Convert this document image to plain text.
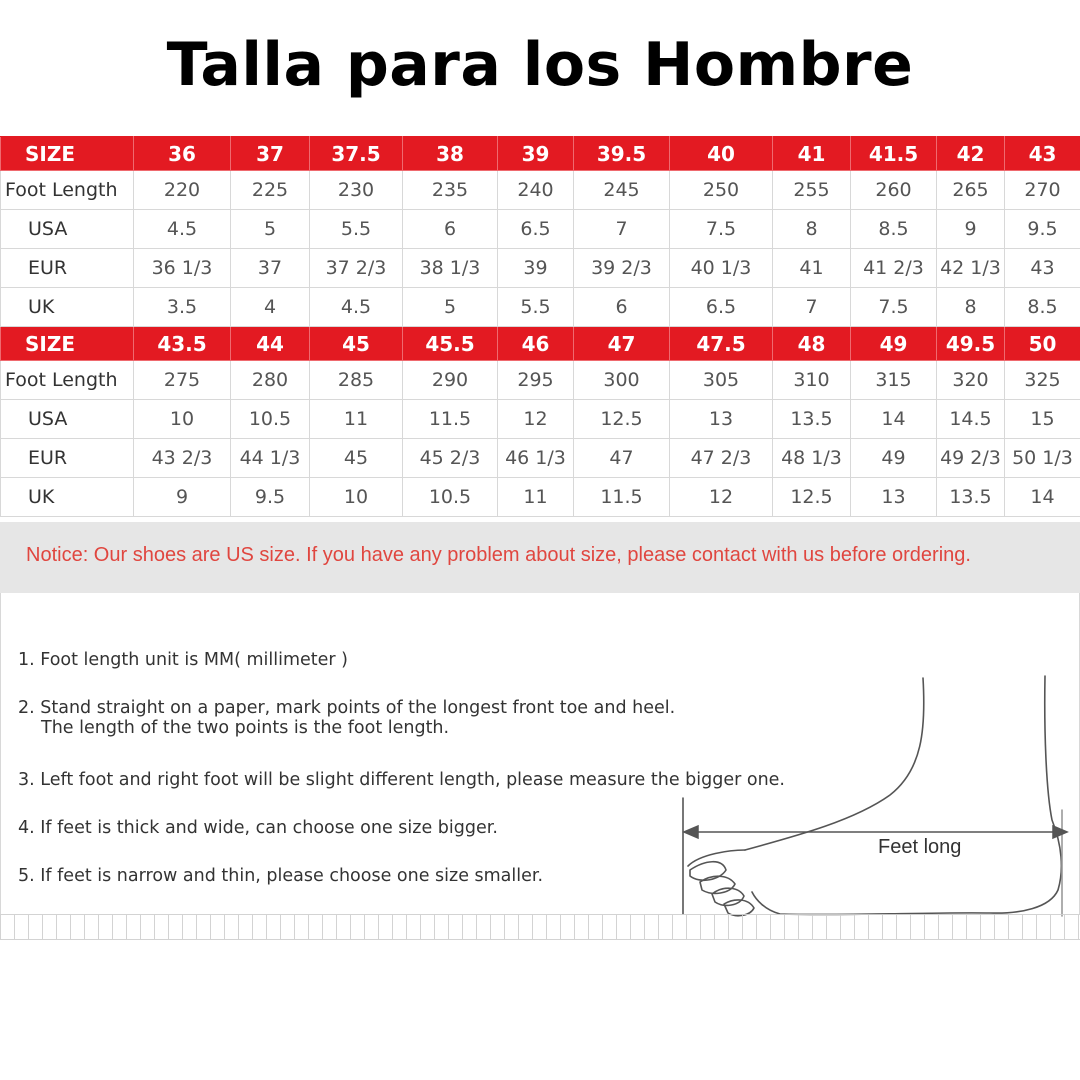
Talla para los Hombre
SIZE	36	37	37.5	38	39	39.5	40	41	41.5	42	43
Foot Length	220	225	230	235	240	245	250	255	260	265	270
USA	4.5	5	5.5	6	6.5	7	7.5	8	8.5	9	9.5
EUR	36 1/3	37	37 2/3	38 1/3	39	39 2/3	40 1/3	41	41 2/3	42 1/3	43
UK	3.5	4	4.5	5	5.5	6	6.5	7	7.5	8	8.5
SIZE	43.5	44	45	45.5	46	47	47.5	48	49	49.5	50
Foot Length	275	280	285	290	295	300	305	310	315	320	325
USA	10	10.5	11	11.5	12	12.5	13	13.5	14	14.5	15
EUR	43 2/3	44 1/3	45	45 2/3	46 1/3	47	47 2/3	48 1/3	49	49 2/3	50 1/3
UK	9	9.5	10	10.5	11	11.5	12	12.5	13	13.5	14
Notice: Our shoes are US size. If you have any problem about size, please contact with us before ordering.
1. Foot length unit is MM( millimeter )
2. Stand straight on a paper, mark points of the longest front toe and heel.
The length of the two points is the foot length.
3. Left foot and right foot will be slight different length, please measure the bigger one.
4. If feet is thick and wide, can choose one size bigger.
5. If feet is narrow and thin, please choose one size smaller.
Feet long
